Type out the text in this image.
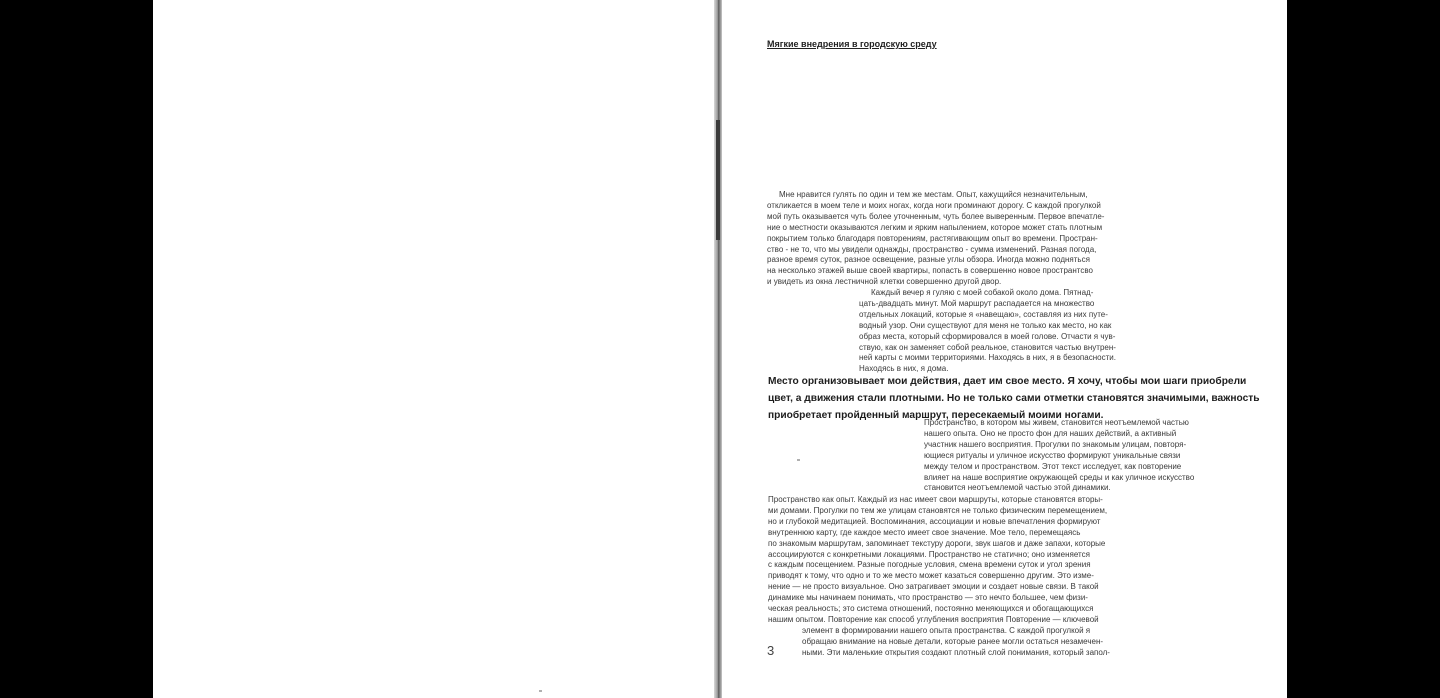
Мягкие внедрения в городскую среду

Мне нравится гулять по один и тем же местам. Опыт, кажущийся незначительным,
откликается в моем теле и моих ногах, когда ноги проминают дорогу. С каждой прогулкой
мой путь оказывается чуть более уточненным, чуть более выверенным. Первое впечатле-
ние о местности оказываются легким и ярким напылением, которое может стать плотным
покрытием только благодаря повторениям, растягивающим опыт во времени. Простран-
ство - не то, что мы увидели однажды, пространство - сумма изменений. Разная погода,
разное время суток, разное освещение, разные углы обзора. Иногда можно подняться
на несколько этажей выше своей квартиры, попасть в совершенно новое пространтсво
и увидеть из окна лестничной клетки совершенно другой двор.

Каждый вечер я гуляю с моей собакой около дома. Пятнад-
цать-двадцать минут. Мой маршрут распадается на множество
отдельных локаций, которые я «навещаю», составляя из них путе-
водный узор. Они существуют для меня не только как место, но как
образ места, который сформировался в моей голове. Отчасти я чув-
ствую, как он заменяет собой реальное, становится частью внутрен-
ней карты с моими территориями. Находясь в них, я в безопасности.
Находясь в них, я дома.

Место организовывает мои действия, дает им свое место. Я хочу, чтобы мои шаги приобрели
цвет, а движения стали плотными. Но не только сами отметки становятся значимыми, важность
приобретает пройденный маршрут, пересекаемый моими ногами.

Пространство, в котором мы живем, становится неотъемлемой частью
нашего опыта. Оно не просто фон для наших действий, а активный
участник нашего восприятия. Прогулки по знакомым улицам, повторя-
ющиеся ритуалы и уличное искусство формируют уникальные связи
между телом и пространством. Этот текст исследует, как повторение
влияет на наше восприятие окружающей среды и как уличное искусство
становится неотъемлемой частью этой динамики.

Пространство как опыт. Каждый из нас имеет свои маршруты, которые становятся вторы-
ми домами. Прогулки по тем же улицам становятся не только физическим перемещением,
но и глубокой медитацией. Воспоминания, ассоциации и новые впечатления формируют
внутреннюю карту, где каждое место имеет свое значение. Мое тело, перемещаясь
по знакомым маршрутам, запоминает текстуру дороги, звук шагов и даже запахи, которые
ассоциируются с конкретными локациями. Пространство не статично; оно изменяется
с каждым посещением. Разные погодные условия, смена времени суток и угол зрения
приводят к тому, что одно и то же место может казаться совершенно другим. Это изме-
нение — не просто визуальное. Оно затрагивает эмоции и создает новые связи. В такой
динамике мы начинаем понимать, что пространство — это нечто большее, чем физи-
ческая реальность; это система отношений, постоянно меняющихся и обогащающихся
нашим опытом. Повторение как способ углубления восприятия Повторение — ключевой

элемент в формировании нашего опыта пространства. С каждой прогулкой я
обращаю внимание на новые детали, которые ранее могли остаться незамечен-
ными. Эти маленькие открытия создают плотный слой понимания, который запол-

3
